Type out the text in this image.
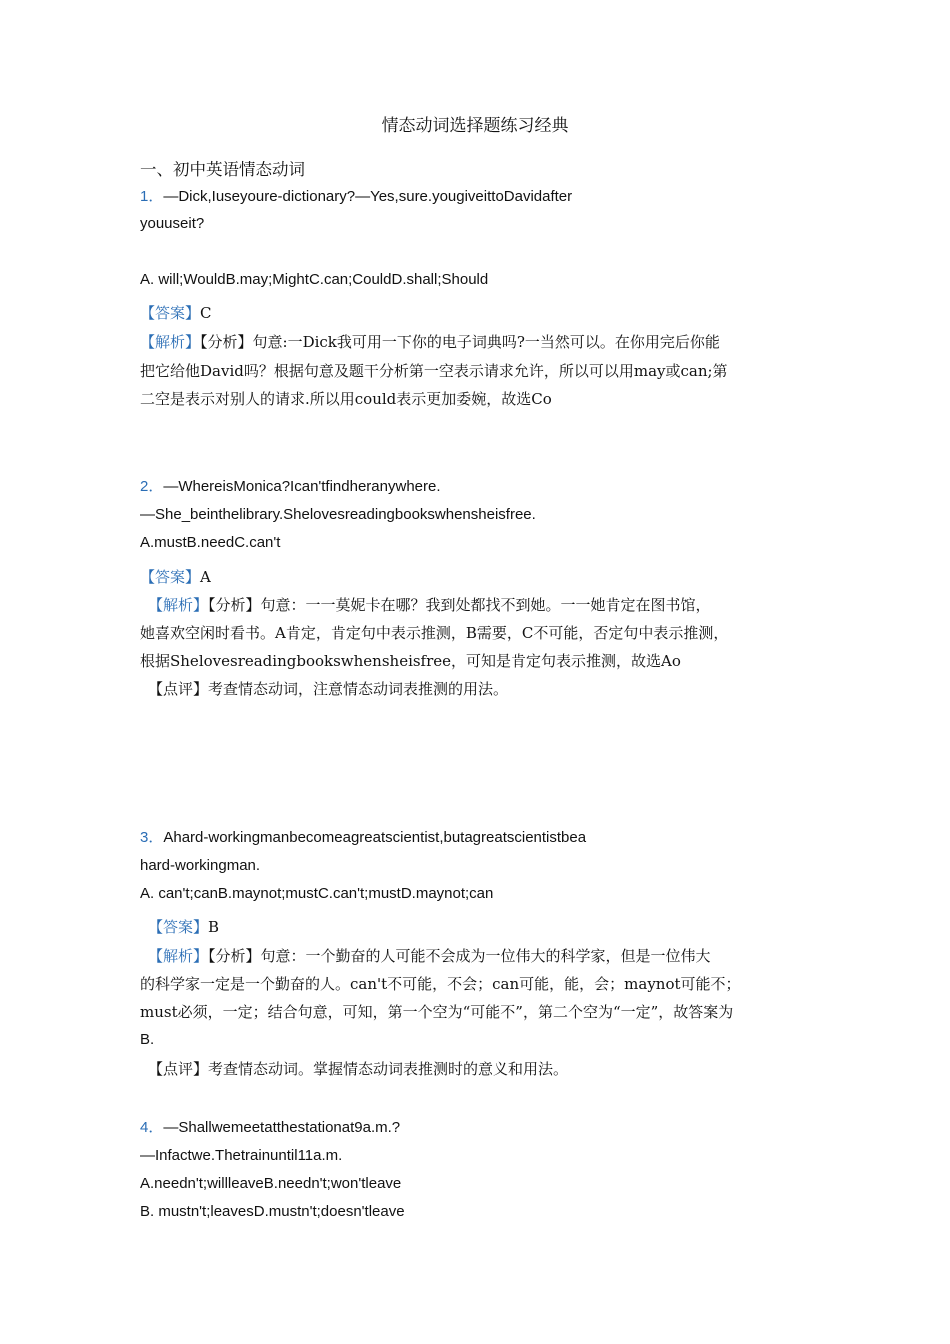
情态动词选择题练习经典
一、初中英语情态动词
1．—Dick,Iuseyoure-dictionary?—Yes,sure.yougiveittoDavidafter
youuseit?
A. will;WouldB.may;MightC.can;CouldD.shall;Should
【答案】C
【解析】【分析】句意:一Dick我可用一下你的电子词典吗?一当然可以。在你用完后你能
把它给他David吗？根据句意及题干分析第一空表示请求允许，所以可以用may或can;第
二空是表示对别人的请求.所以用could表示更加委婉，故选Co
2．—WhereisMonica?Ican'tfindheranywhere.
—She_beinthelibrary.Shelovesreadingbookswhensheisfree.
A.mustB.needC.can't
【答案】A
【解析】【分析】句意：一一莫妮卡在哪？我到处都找不到她。一一她肯定在图书馆，
她喜欢空闲时看书。A肯定，肯定句中表示推测，B需要，C不可能，否定句中表示推测，
根据Shelovesreadingbookswhensheisfree，可知是肯定句表示推测，故选Ao
【点评】考查情态动词，注意情态动词表推测的用法。
3．Ahard-workingmanbecomeagreatscientist,butagreatscientistbea
hard-workingman.
A. can't;canB.maynot;mustC.can't;mustD.maynot;can
【答案】B
【解析】【分析】句意：一个勤奋的人可能不会成为一位伟大的科学家，但是一位伟大
的科学家一定是一个勤奋的人。can't不可能，不会；can可能，能，会；maynot可能不；
must必须，一定；结合句意，可知，第一个空为“可能不”，第二个空为“一定”，故答案为
B.
【点评】考查情态动词。掌握情态动词表推测时的意义和用法。
4．—Shallwemeetatthestationat9a.m.?
—Infactwe.Thetrainuntil11a.m.
A.needn't;willleaveB.needn't;won'tleave
B. mustn't;leavesD.mustn't;doesn'tleave
